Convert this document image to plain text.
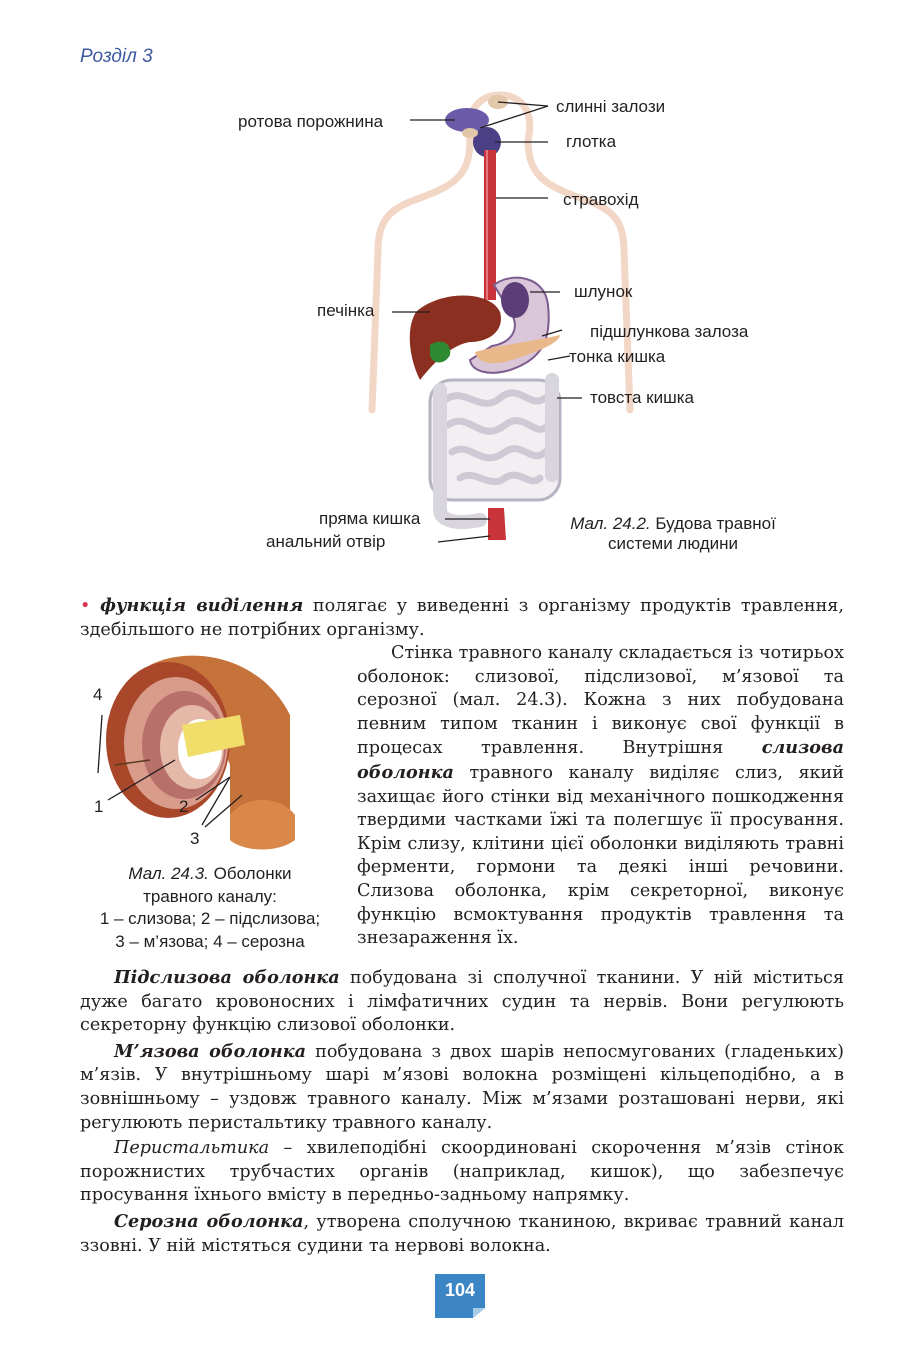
Розділ 3
ротова порожнина
слинні залози
глотка
стравохід
шлунок
печінка
підшлункова залоза
тонка кишка
товста кишка
пряма кишка
анальний отвір
Мал. 24.2. Будова травної
системи людини
• функція виділення полягає у виведенні з організму продуктів травлення, здебільшого не потрібних організму.
4
1	2
3
Мал. 24.3. Оболонки
травного каналу:
1 – слизова; 2 – підслизова;
3 – м’язова; 4 – серозна
Стінка травного каналу складається із чотирьох оболонок: слизової, підслизової, м’язової та серозної (мал. 24.3). Кожна з них побудована певним типом тканин і виконує свої функції в процесах травлення. Внутрішня слизова оболонка травного каналу виділяє слиз, який захищає його стінки від механічного пошкодження твердими частками їжі та полегшує її просування. Крім слизу, клітини цієї оболонки виділяють травні ферменти, гормони та деякі інші речовини. Слизова оболонка, крім секреторної, виконує функцію всмоктування продуктів травлення та знезараження їх.
Підслизова оболонка побудована зі сполучної тканини. У ній міститься дуже багато кровоносних і лімфатичних судин та нервів. Вони регулюють секреторну функцію слизової оболонки.
М’язова оболонка побудована з двох шарів непосмугованих (гладеньких) м’язів. У внутрішньому шарі м’язові волокна розміщені кільцеподібно, а в зовнішньому – уздовж травного каналу. Між м’язами розташовані нерви, які регулюють перистальтику травного каналу.
Перистальтика – хвилеподібні скоординовані скорочення м’язів стінок порожнистих трубчастих органів (наприклад, кишок), що забезпечує просування їхнього вмісту в передньо-задньому напрямку.
Серозна оболонка, утворена сполучною тканиною, вкриває травний канал ззовні. У ній містяться судини та нервові волокна.
104
